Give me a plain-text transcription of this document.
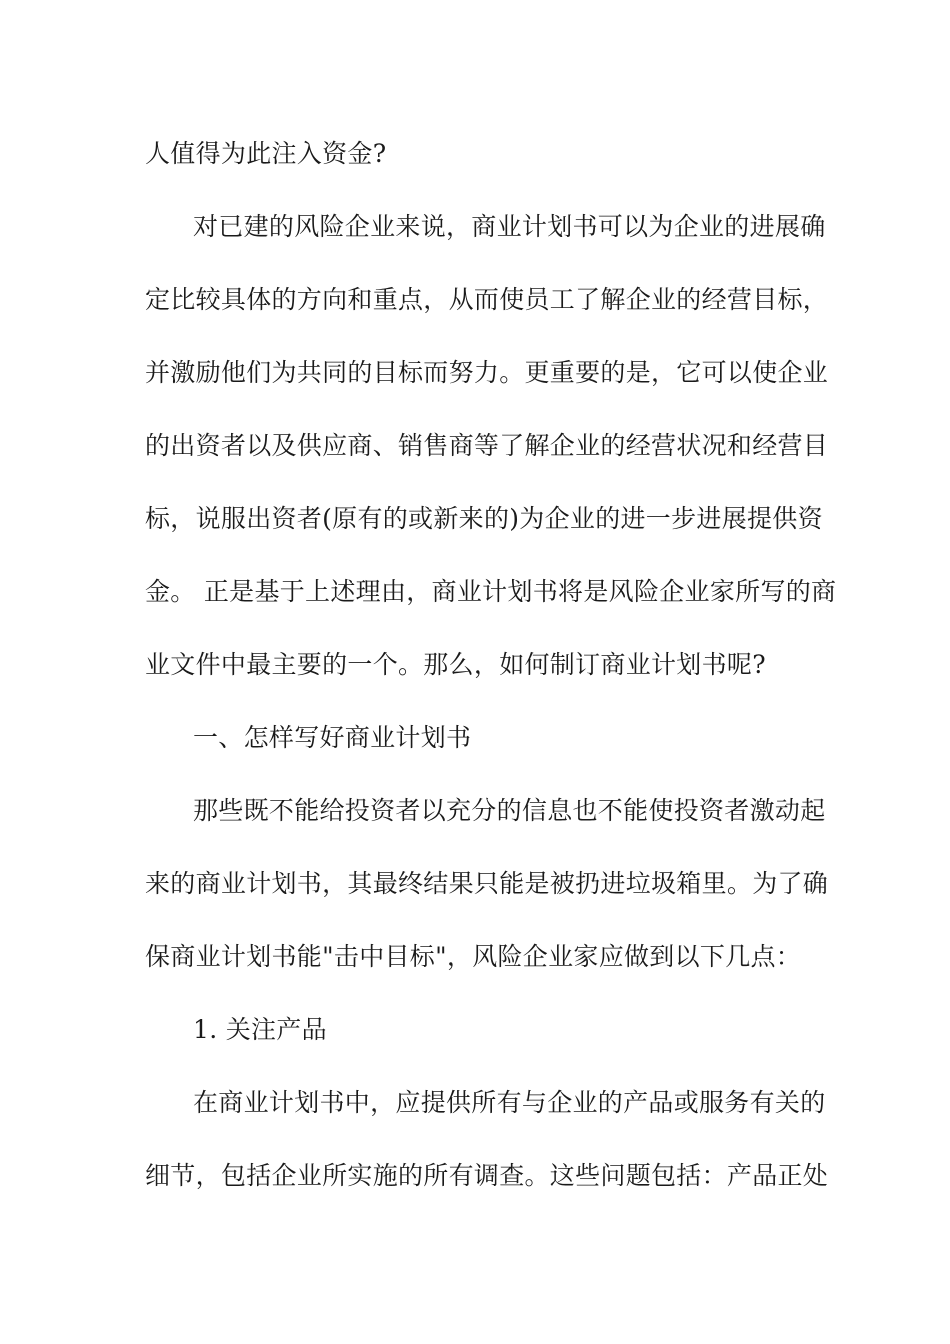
人值得为此注入资金?
对已建的风险企业来说，商业计划书可以为企业的进展确
定比较具体的方向和重点，从而使员工了解企业的经营目标，
并激励他们为共同的目标而努力。更重要的是，它可以使企业
的出资者以及供应商、销售商等了解企业的经营状况和经营目
标，说服出资者(原有的或新来的)为企业的进一步进展提供资
金。 正是基于上述理由，商业计划书将是风险企业家所写的商
业文件中最主要的一个。那么，如何制订商业计划书呢?
一、怎样写好商业计划书
那些既不能给投资者以充分的信息也不能使投资者激动起
来的商业计划书，其最终结果只能是被扔进垃圾箱里。为了确
保商业计划书能"击中目标"，风险企业家应做到以下几点：
1. 关注产品
在商业计划书中，应提供所有与企业的产品或服务有关的
细节，包括企业所实施的所有调查。这些问题包括：产品正处
